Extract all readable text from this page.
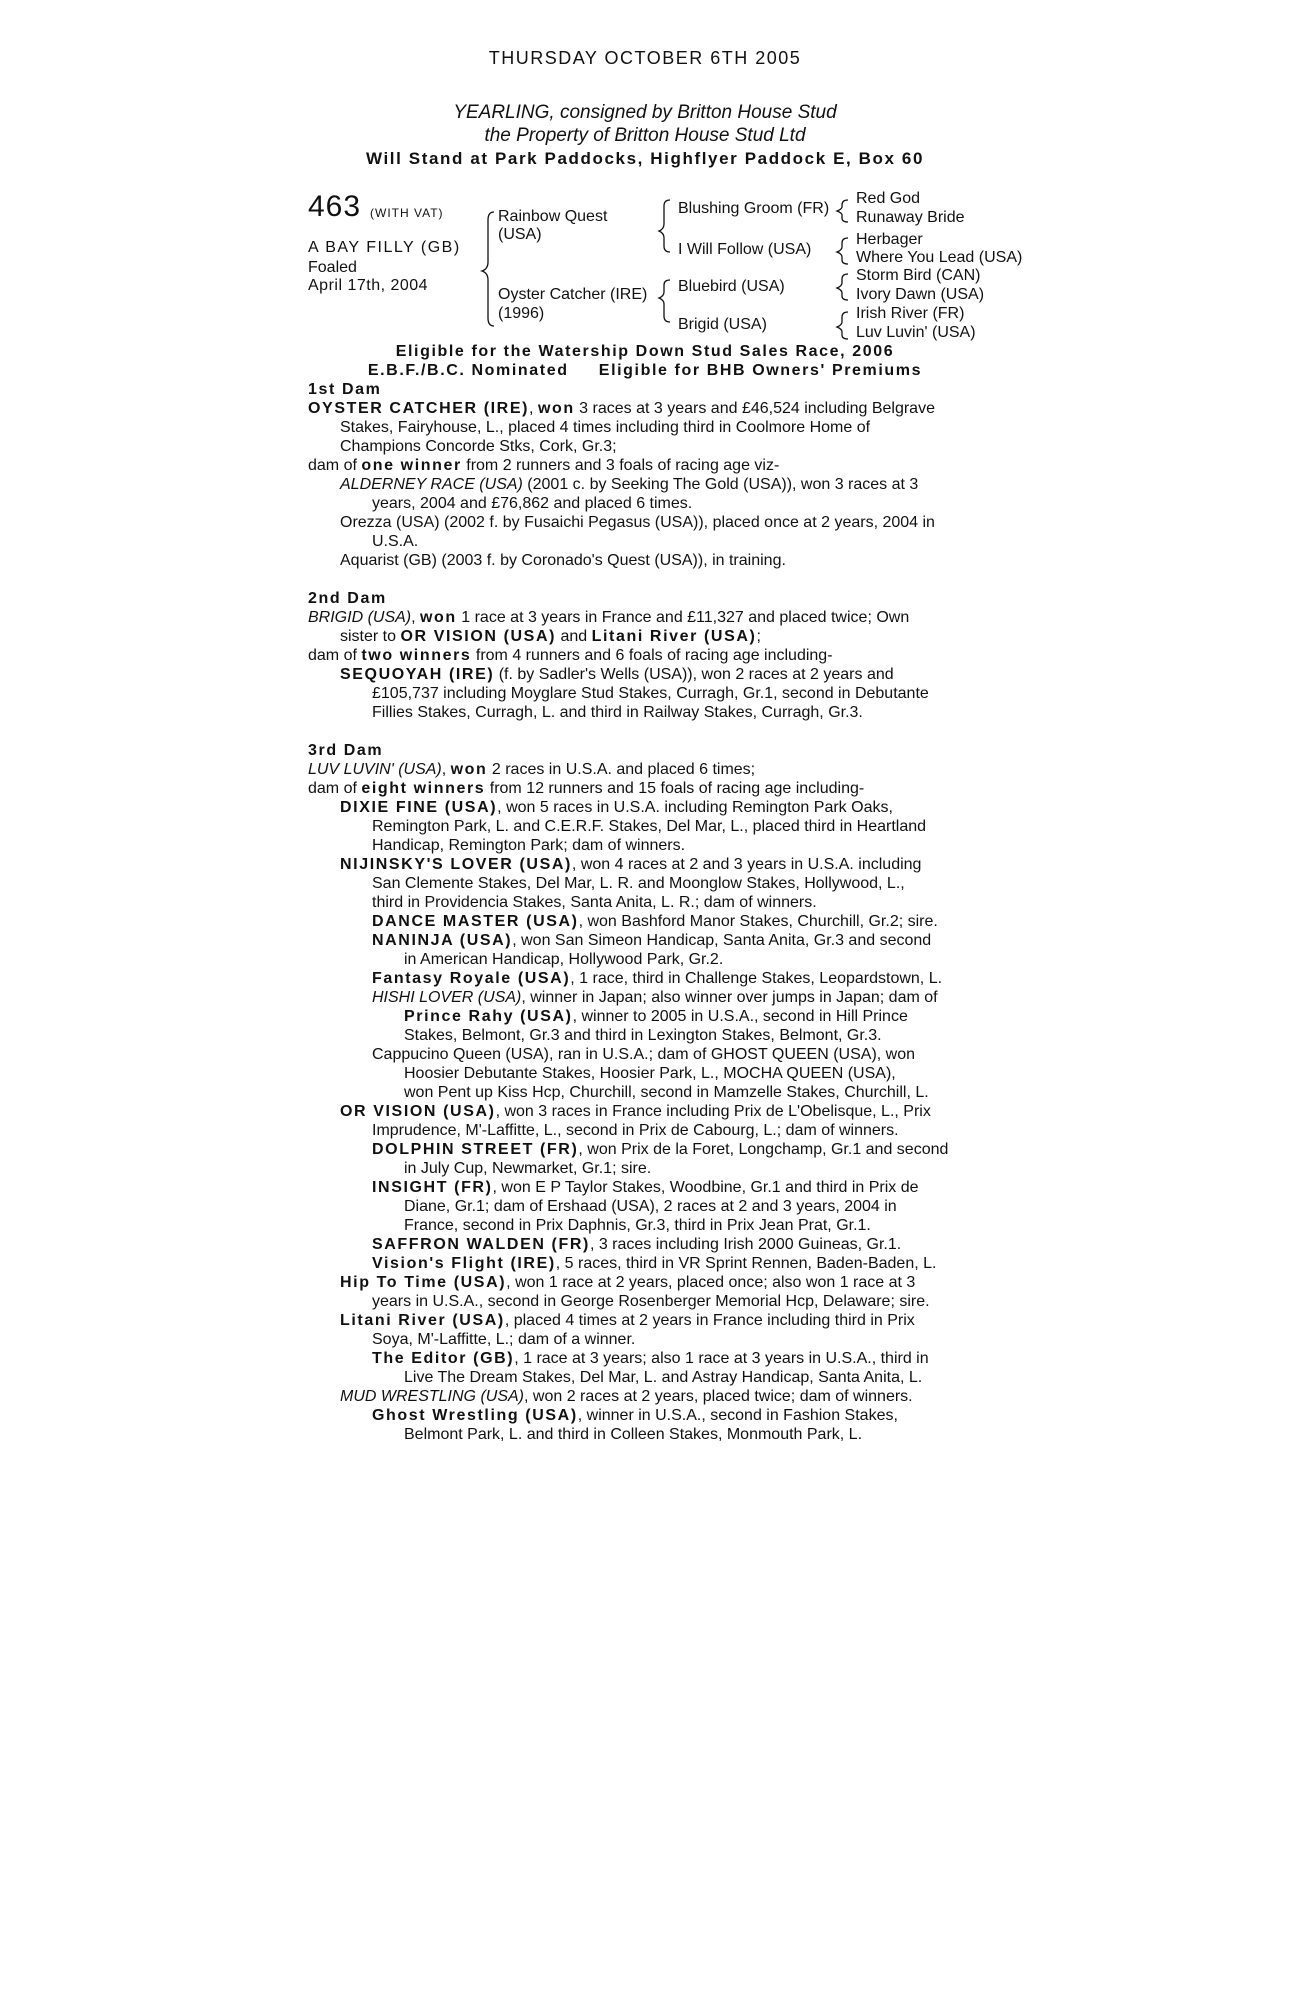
THURSDAY OCTOBER 6TH 2005
YEARLING, consigned by Britton House Stud
the Property of Britton House Stud Ltd
Will Stand at Park Paddocks, Highflyer Paddock E, Box 60
463 (WITH VAT)
A BAY FILLY (GB)
Foaled
April 17th, 2004
Rainbow Quest
(USA)
Oyster Catcher (IRE)
(1996)
Blushing Groom (FR)
I Will Follow (USA)
Bluebird (USA)
Brigid (USA)
Red God
Runaway Bride
Herbager
Where You Lead (USA)
Storm Bird (CAN)
Ivory Dawn (USA)
Irish River (FR)
Luv Luvin' (USA)
Eligible for the Watership Down Stud Sales Race, 2006
E.B.F./B.C. Nominated     Eligible for BHB Owners' Premiums
1st Dam
OYSTER CATCHER (IRE), won 3 races at 3 years and £46,524 including Belgrave
Stakes, Fairyhouse, L., placed 4 times including third in Coolmore Home of
Champions Concorde Stks, Cork, Gr.3;
dam of one winner from 2 runners and 3 foals of racing age viz-
ALDERNEY RACE (USA) (2001 c. by Seeking The Gold (USA)), won 3 races at 3
years, 2004 and £76,862 and placed 6 times.
Orezza (USA) (2002 f. by Fusaichi Pegasus (USA)), placed once at 2 years, 2004 in
U.S.A.
Aquarist (GB) (2003 f. by Coronado's Quest (USA)), in training.
2nd Dam
BRIGID (USA), won 1 race at 3 years in France and £11,327 and placed twice; Own
sister to OR VISION (USA) and Litani River (USA);
dam of two winners from 4 runners and 6 foals of racing age including-
SEQUOYAH (IRE) (f. by Sadler's Wells (USA)), won 2 races at 2 years and
£105,737 including Moyglare Stud Stakes, Curragh, Gr.1, second in Debutante
Fillies Stakes, Curragh, L. and third in Railway Stakes, Curragh, Gr.3.
3rd Dam
LUV LUVIN' (USA), won 2 races in U.S.A. and placed 6 times;
dam of eight winners from 12 runners and 15 foals of racing age including-
DIXIE FINE (USA), won 5 races in U.S.A. including Remington Park Oaks,
Remington Park, L. and C.E.R.F. Stakes, Del Mar, L., placed third in Heartland
Handicap, Remington Park; dam of winners.
NIJINSKY'S LOVER (USA), won 4 races at 2 and 3 years in U.S.A. including
San Clemente Stakes, Del Mar, L. R. and Moonglow Stakes, Hollywood, L.,
third in Providencia Stakes, Santa Anita, L. R.; dam of winners.
DANCE MASTER (USA), won Bashford Manor Stakes, Churchill, Gr.2; sire.
NANINJA (USA), won San Simeon Handicap, Santa Anita, Gr.3 and second
in American Handicap, Hollywood Park, Gr.2.
Fantasy Royale (USA), 1 race, third in Challenge Stakes, Leopardstown, L.
HISHI LOVER (USA), winner in Japan; also winner over jumps in Japan; dam of
Prince Rahy (USA), winner to 2005 in U.S.A., second in Hill Prince
Stakes, Belmont, Gr.3 and third in Lexington Stakes, Belmont, Gr.3.
Cappucino Queen (USA), ran in U.S.A.; dam of GHOST QUEEN (USA), won
Hoosier Debutante Stakes, Hoosier Park, L., MOCHA QUEEN (USA),
won Pent up Kiss Hcp, Churchill, second in Mamzelle Stakes, Churchill, L.
OR VISION (USA), won 3 races in France including Prix de L'Obelisque, L., Prix
Imprudence, M'-Laffitte, L., second in Prix de Cabourg, L.; dam of winners.
DOLPHIN STREET (FR), won Prix de la Foret, Longchamp, Gr.1 and second
in July Cup, Newmarket, Gr.1; sire.
INSIGHT (FR), won E P Taylor Stakes, Woodbine, Gr.1 and third in Prix de
Diane, Gr.1; dam of Ershaad (USA), 2 races at 2 and 3 years, 2004 in
France, second in Prix Daphnis, Gr.3, third in Prix Jean Prat, Gr.1.
SAFFRON WALDEN (FR), 3 races including Irish 2000 Guineas, Gr.1.
Vision's Flight (IRE), 5 races, third in VR Sprint Rennen, Baden-Baden, L.
Hip To Time (USA), won 1 race at 2 years, placed once; also won 1 race at 3
years in U.S.A., second in George Rosenberger Memorial Hcp, Delaware; sire.
Litani River (USA), placed 4 times at 2 years in France including third in Prix
Soya, M'-Laffitte, L.; dam of a winner.
The Editor (GB), 1 race at 3 years; also 1 race at 3 years in U.S.A., third in
Live The Dream Stakes, Del Mar, L. and Astray Handicap, Santa Anita, L.
MUD WRESTLING (USA), won 2 races at 2 years, placed twice; dam of winners.
Ghost Wrestling (USA), winner in U.S.A., second in Fashion Stakes,
Belmont Park, L. and third in Colleen Stakes, Monmouth Park, L.
